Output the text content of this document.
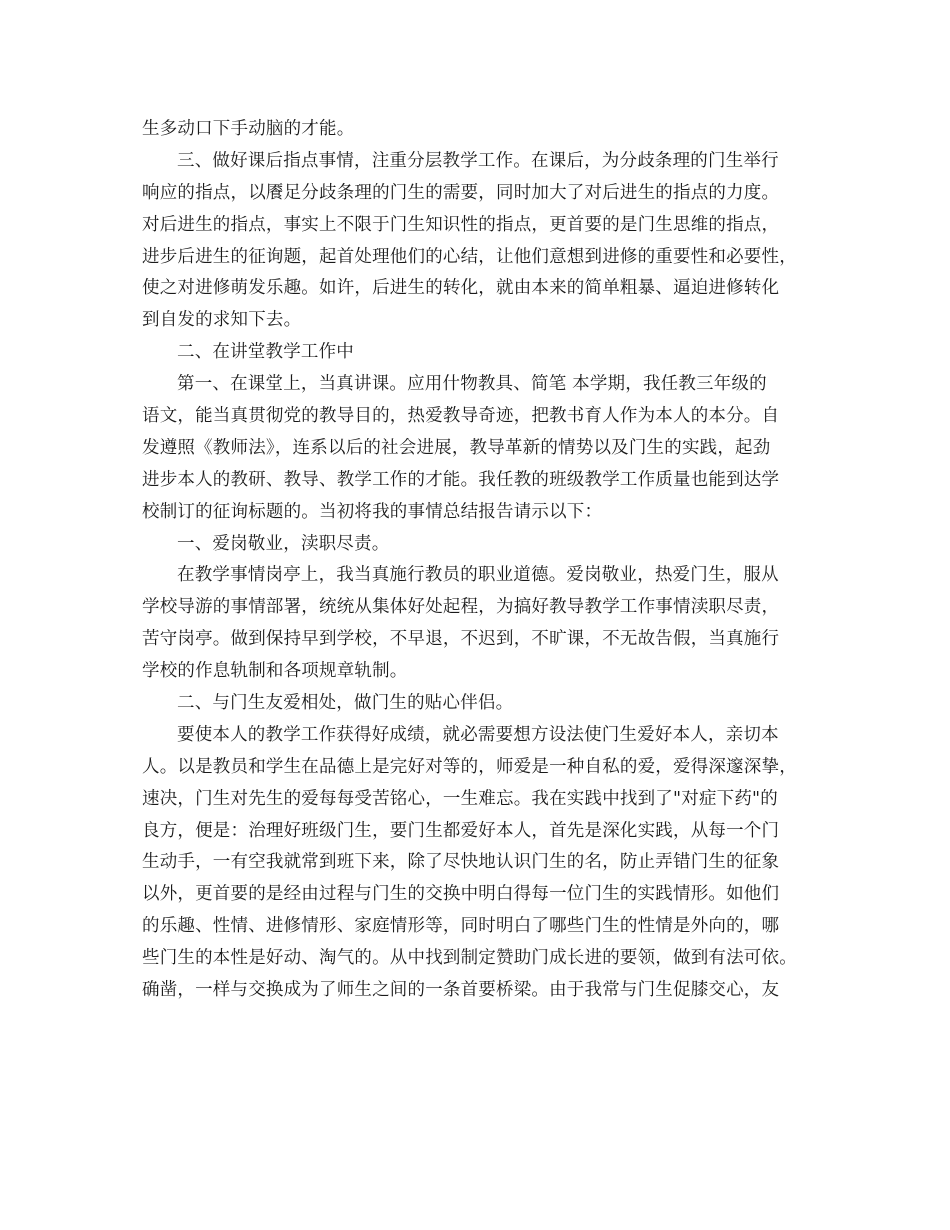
生多动口下手动脑的才能。
三、做好课后指点事情，注重分层教学工作。在课后，为分歧条理的门生举行
响应的指点，以餍足分歧条理的门生的需要，同时加大了对后进生的指点的力度。
对后进生的指点，事实上不限于门生知识性的指点，更首要的是门生思维的指点，
进步后进生的征询题，起首处理他们的心结，让他们意想到进修的重要性和必要性，
使之对进修萌发乐趣。如许，后进生的转化，就由本来的简单粗暴、逼迫进修转化
到自发的求知下去。
二、在讲堂教学工作中
第一、在课堂上，当真讲课。应用什物教具、简笔 本学期，我任教三年级的
语文，能当真贯彻党的教导目的，热爱教导奇迹，把教书育人作为本人的本分。自
发遵照《教师法》，连系以后的社会进展，教导革新的情势以及门生的实践，起劲
进步本人的教研、教导、教学工作的才能。我任教的班级教学工作质量也能到达学
校制订的征询标题的。当初将我的事情总结报告请示以下：
一、爱岗敬业，渎职尽责。
在教学事情岗亭上，我当真施行教员的职业道德。爱岗敬业，热爱门生，服从
学校导游的事情部署，统统从集体好处起程，为搞好教导教学工作事情渎职尽责，
苦守岗亭。做到保持早到学校，不早退，不迟到，不旷课，不无故告假，当真施行
学校的作息轨制和各项规章轨制。
二、与门生友爱相处，做门生的贴心伴侣。
要使本人的教学工作获得好成绩，就必需要想方设法使门生爱好本人，亲切本
人。以是教员和学生在品德上是完好对等的，师爱是一种自私的爱，爱得深邃深挚，
速决，门生对先生的爱每每受苦铭心，一生难忘。我在实践中找到了"对症下药"的
良方，便是：治理好班级门生，要门生都爱好本人，首先是深化实践，从每一个门
生动手，一有空我就常到班下来，除了尽快地认识门生的名，防止弄错门生的征象
以外，更首要的是经由过程与门生的交换中明白得每一位门生的实践情形。如他们
的乐趣、性情、进修情形、家庭情形等，同时明白了哪些门生的性情是外向的，哪
些门生的本性是好动、淘气的。从中找到制定赞助门成长进的要领，做到有法可依。
确凿，一样与交换成为了师生之间的一条首要桥梁。由于我常与门生促膝交心，友
